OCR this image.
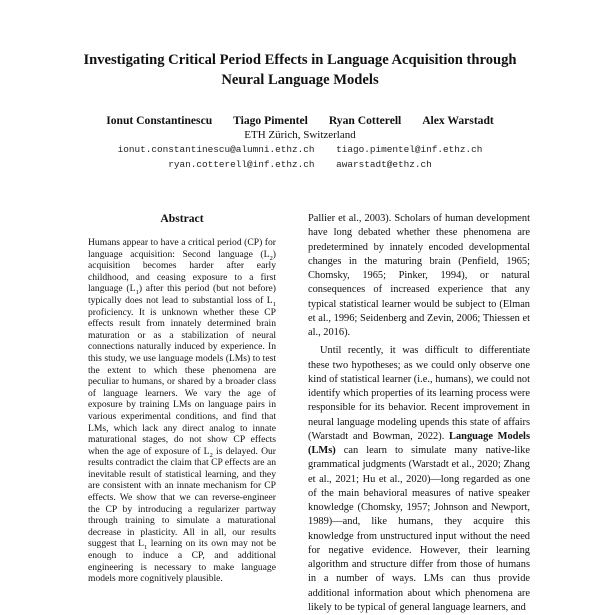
Investigating Critical Period Effects in Language Acquisition through
Neural Language Models
Ionut Constantinescu Tiago Pimentel Ryan Cotterell Alex Warstadt
ETH Zürich, Switzerland
ionut.constantinescu@alumni.ethz.ch tiago.pimentel@inf.ethz.ch
ryan.cotterell@inf.ethz.ch awarstadt@ethz.ch
Abstract

Humans appear to have a critical period (CP) for language acquisition: Second language $(L_2)$ acquisition becomes harder after early childhood, and ceasing exposure to a first language $(L_1)$ after this period (but not before) typically does not lead to substantial loss of $L_1$ proficiency. It is unknown whether these CP effects result from innately determined brain maturation or as a stabilization of neural connections naturally induced by experience. In this study, we use language models (LMs) to test the extent to which these phenomena are peculiar to humans, or shared by a broader class of language learners. We vary the age of exposure by training LMs on language pairs in various experimental conditions, and find that LMs, which lack any direct analog to innate maturational stages, do not show CP effects when the age of exposure of $L_2$ is delayed. Our results contradict the claim that CP effects are an inevitable result of statistical learning, and they are consistent with an innate mechanism for CP effects. We show that we can reverse-engineer the CP by introducing a regularizer partway through training to simulate a maturational decrease in plasticity. All in all, our results suggest that $L_1$ learning on its own may not be enough to induce a CP, and additional engineering is necessary to make language models more cognitively plausible.

Pallier et al., 2003). Scholars of human development have long debated whether these phenomena are predetermined by innately encoded developmental changes in the maturing brain (Penfield, 1965; Chomsky, 1965; Pinker, 1994), or natural consequences of increased experience that any typical statistical learner would be subject to (Elman et al., 1996; Seidenberg and Zevin, 2006; Thiessen et al., 2016).

Until recently, it was difficult to differentiate these two hypotheses; as we could only observe one kind of statistical learner (i.e., humans), we could not identify which properties of its learning process were responsible for its behavior. Recent improvement in neural language modeling upends this state of affairs (Warstadt and Bowman, 2022). Language Models (LMs) can learn to simulate many native-like grammatical judgments (Warstadt et al., 2020; Zhang et al., 2021; Hu et al., 2020)—long regarded as one of the main behavioral measures of native speaker knowledge (Chomsky, 1957; Johnson and Newport, 1989)—and, like humans, they acquire this knowledge from unstructured input without the need for negative evidence. However, their learning algorithm and structure differ from those of humans in a number of ways. LMs can thus provide additional information about which phenomena are likely to be typical of general language learners, and
